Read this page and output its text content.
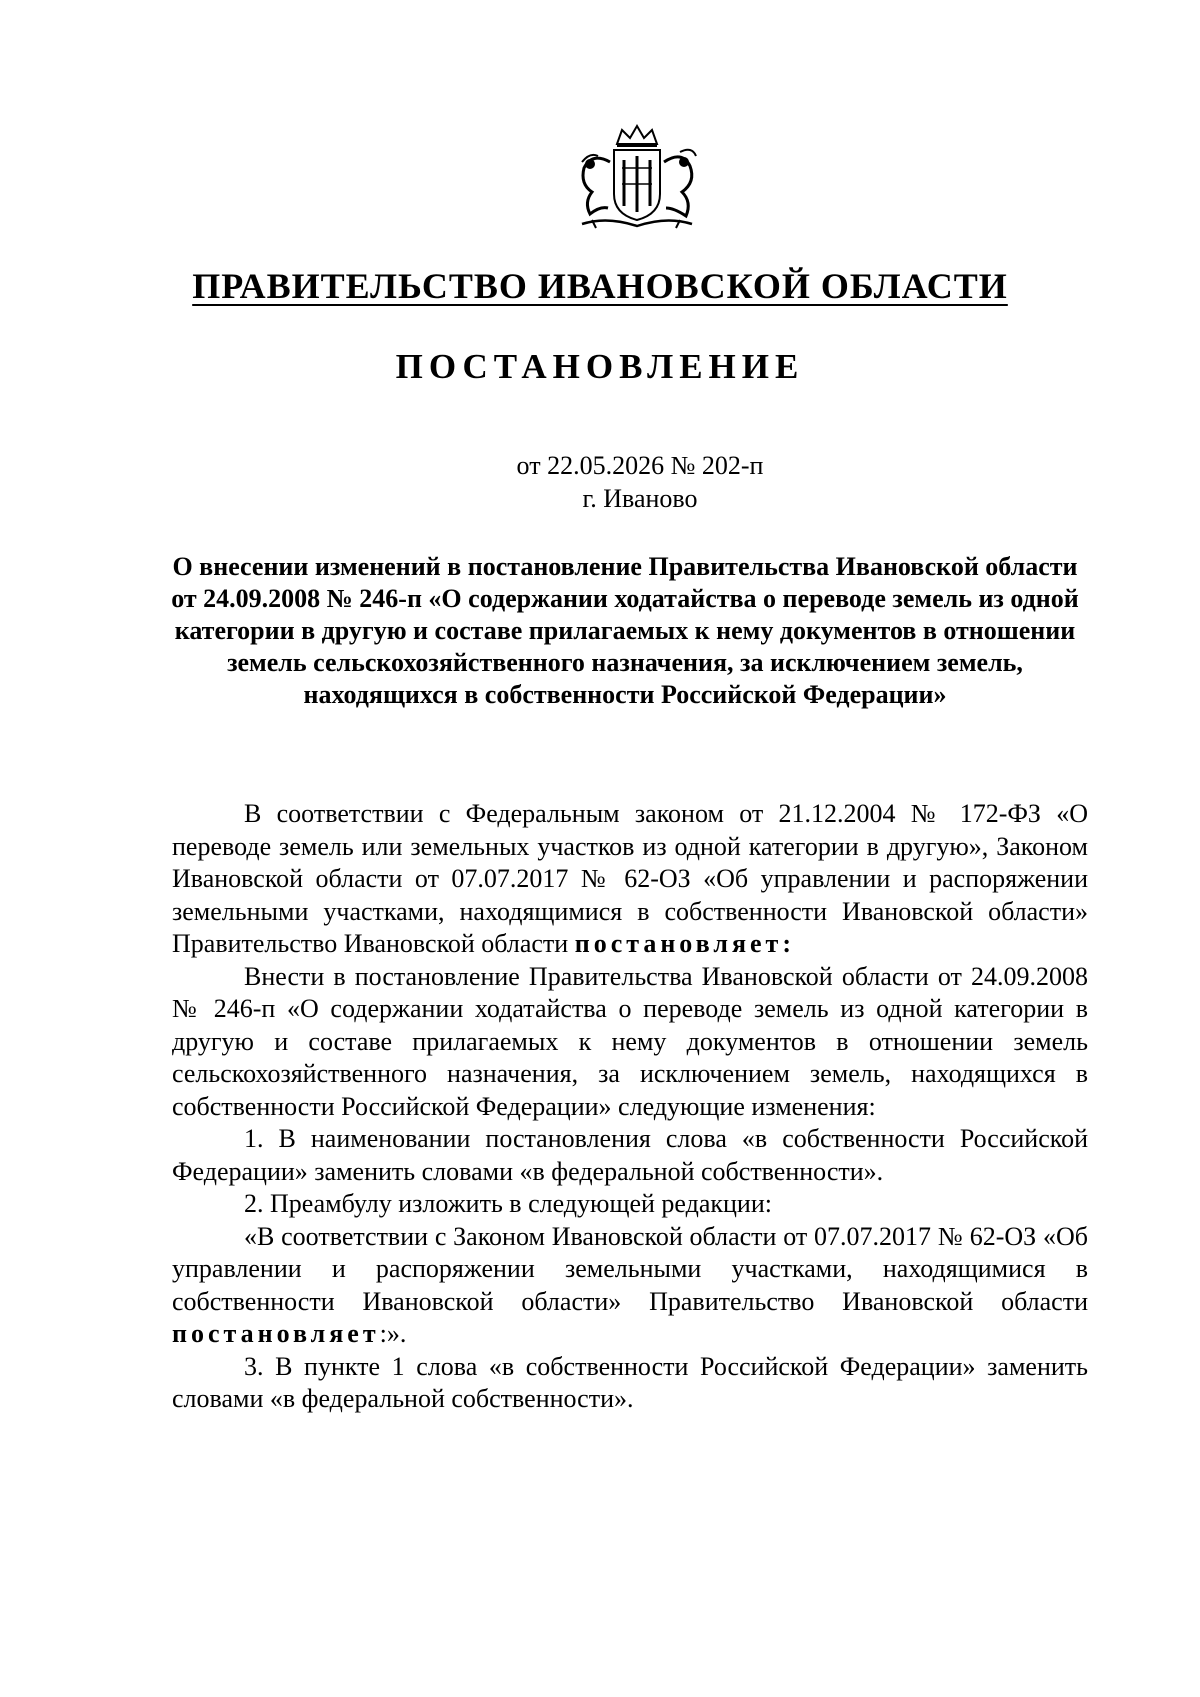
ПРАВИТЕЛЬСТВО ИВАНОВСКОЙ ОБЛАСТИ
ПОСТАНОВЛЕНИЕ
от 22.05.2026 № 202-п
г. Иваново
О внесении изменений в постановление Правительства Ивановской области от 24.09.2008 № 246-п «О содержании ходатайства о переводе земель из одной категории в другую и составе прилагаемых к нему документов в отношении земель сельскохозяйственного назначения, за исключением земель, находящихся в собственности Российской Федерации»

В соответствии с Федеральным законом от 21.12.2004 № 172-ФЗ «О переводе земель или земельных участков из одной категории в другую», Законом Ивановской области от 07.07.2017 № 62-ОЗ «Об управлении и распоряжении земельными участками, находящимися в собственности Ивановской области» Правительство Ивановской области постановляет:

Внести в постановление Правительства Ивановской области от 24.09.2008 № 246-п «О содержании ходатайства о переводе земель из одной категории в другую и составе прилагаемых к нему документов в отношении земель сельскохозяйственного назначения, за исключением земель, находящихся в собственности Российской Федерации» следующие изменения:

1. В наименовании постановления слова «в собственности Российской Федерации» заменить словами «в федеральной собственности».

2. Преамбулу изложить в следующей редакции:

«В соответствии с Законом Ивановской области от 07.07.2017 № 62-ОЗ «Об управлении и распоряжении земельными участками, находящимися в собственности Ивановской области» Правительство Ивановской области постановляет:».

3. В пункте 1 слова «в собственности Российской Федерации» заменить словами «в федеральной собственности».
